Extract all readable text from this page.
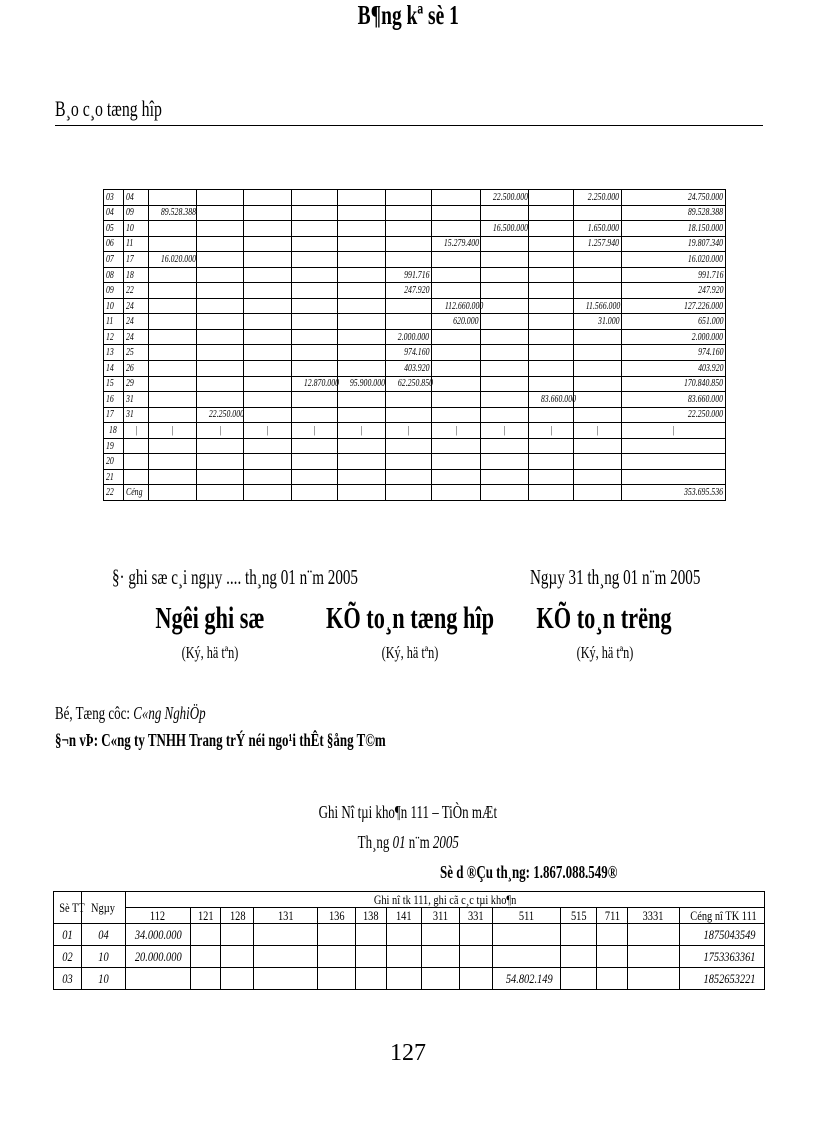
B¸o c¸o tæng hîp
03	04								22.500.000		2.250.000	24.750.000
04	09	89.528.388										89.528.388
05	10								16.500.000		1.650.000	18.150.000
06	11							15.279.400			1.257.940	19.807.340
07	17	16.020.000										16.020.000
08	18						991.716					991.716
09	22						247.920					247.920
10	24							112.660.000			11.566.000	127.226.000
11	24							620.000			31.000	651.000
12	24						2.000.000					2.000.000
13	25						974.160					974.160
14	26						403.920					403.920
15	29				12.870.000	95.900.000	62.250.850					170.840.850
16	31									83.660.000		83.660.000
17	31		22.250.000									22.250.000
18	|	|	|	|	|	|	|	|	|	|	|	|
19												
20												
21												
22	Céng											353.695.536
§· ghi sæ c¸i ngµy .... th¸ng 01 n¨m 2005	Ngµy 31 th¸ng 01 n¨m 2005
Ngêi ghi sæ	KÕ to¸n tæng hîp	KÕ to¸n trëng
(Ký, hä tªn)	(Ký, hä tªn)	(Ký, hä tªn)
Bé, Tæng côc: C«ng NghiÖp
§¬n vÞ: C«ng ty TNHH Trang trÝ néi ngo¹i thÊt §ång T©m
B¶ng kª sè 1
Ghi Nî tµi kho¶n 111 – TiÒn mÆt
Th¸ng 01 n¨m 2005
Sè d ®Çu th¸ng: 1.867.088.549®
Sè TT	Ngµy	Ghi nî tk 111, ghi cã c¸c tµi kho¶n													
		112	121	128	131	136	138	141	311	331	511	515	711	3331	Céng nî TK 111
01	04	34.000.000													1875043549
02	10	20.000.000													1753363361
03	10										54.802.149				1852653221
127
